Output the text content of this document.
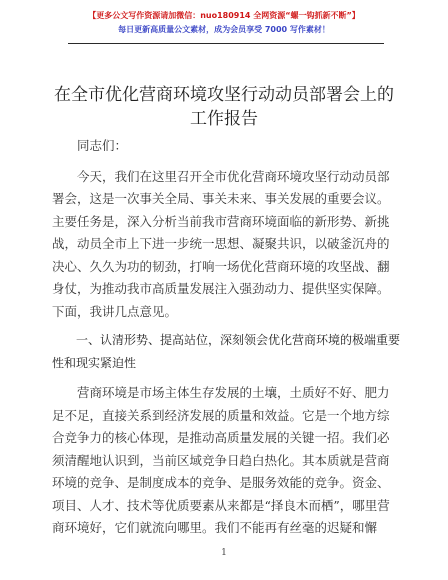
【更多公文写作资源请加微信：nuo180914 全网资源“螺一钩抓新不断”】
每日更新高质量公文素材，成为会员享受 7000 写作素材！
在全市优化营商环境攻坚行动动员部署会上的
工作报告

同志们：

今天，我们在这里召开全市优化营商环境攻坚行动动员部署会，这是一次事关全局、事关未来、事关发展的重要会议。主要任务是，深入分析当前我市营商环境面临的新形势、新挑战，动员全市上下进一步统一思想、凝聚共识，以破釜沉舟的决心、久久为功的韧劲，打响一场优化营商环境的攻坚战、翻身仗，为推动我市高质量发展注入强劲动力、提供坚实保障。下面，我讲几点意见。

一、认清形势、提高站位，深刻领会优化营商环境的极端重要性和现实紧迫性

营商环境是市场主体生存发展的土壤，土质好不好、肥力足不足，直接关系到经济发展的质量和效益。它是一个地方综合竞争力的核心体现，是推动高质量发展的关键一招。我们必须清醒地认识到，当前区域竞争日趋白热化。其本质就是营商环境的竞争、是制度成本的竞争、是服务效能的竞争。资金、项目、人才、技术等优质要素从来都是“择良木而栖”，哪里营商环境好，它们就流向哪里。我们不能再有丝毫的迟疑和懈

1
